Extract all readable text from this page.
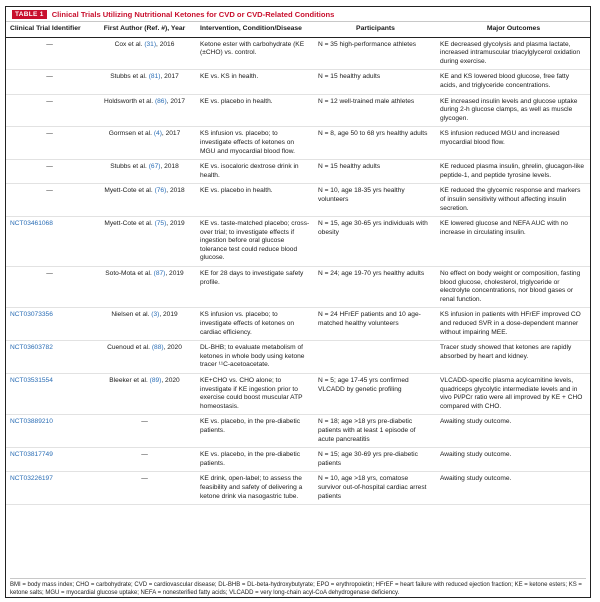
TABLE 1	Clinical Trials Utilizing Nutritional Ketones for CVD or CVD-Related Conditions
Clinical Trial Identifier	First Author (Ref. #), Year	Intervention, Condition/Disease	Participants	Major Outcomes
—	Cox et al. (31), 2016	Ketone ester with carbohydrate (KE (±CHO) vs. control.	N = 35 high-performance athletes	KE decreased glycolysis and plasma lactate, increased intramuscular triacylglycerol oxidation during exercise.
—	Stubbs et al. (81), 2017	KE vs. KS in health.	N = 15 healthy adults	KE and KS lowered blood glucose, free fatty acids, and triglyceride concentrations.
—	Holdsworth et al. (86), 2017	KE vs. placebo in health.	N = 12 well-trained male athletes	KE increased insulin levels and glucose uptake during 2-h glucose clamps, as well as muscle glycogen.
—	Gormsen et al. (4), 2017	KS infusion vs. placebo; to investigate effects of ketones on MGU and myocardial blood flow.	N = 8, age 50 to 68 yrs healthy adults	KS infusion reduced MGU and increased myocardial blood flow.
—	Stubbs et al. (67), 2018	KE vs. isocaloric dextrose drink in health.	N = 15 healthy adults	KE reduced plasma insulin, ghrelin, glucagon-like peptide-1, and peptide tyrosine levels.
—	Myett-Cote et al. (76), 2018	KE vs. placebo in health.	N = 10, age 18-35 yrs healthy volunteers	KE reduced the glycemic response and markers of insulin sensitivity without affecting insulin secretion.
NCT03461068	Myett-Cote et al. (75), 2019	KE vs. taste-matched placebo; cross-over trial; to investigate effects if ingestion before oral glucose tolerance test could reduce blood glucose.	N = 15, age 30-65 yrs individuals with obesity	KE lowered glucose and NEFA AUC with no increase in circulating insulin.
—	Soto-Mota et al. (87), 2019	KE for 28 days to investigate safety profile.	N = 24; age 19-70 yrs healthy adults	No effect on body weight or composition, fasting blood glucose, cholesterol, triglyceride or electrolyte concentrations, nor blood gases or renal function.
NCT03073356	Nielsen et al. (3), 2019	KS infusion vs. placebo; to investigate effects of ketones on cardiac efficiency.	N = 24 HFrEF patients and 10 age-matched healthy volunteers	KS infusion in patients with HFrEF improved CO and reduced SVR in a dose-dependent manner without impairing MEE.
NCT03603782	Cuenoud et al. (88), 2020	DL-BHB; to evaluate metabolism of ketones in whole body using ketone tracer ¹¹C-acetoacetate.		Tracer study showed that ketones are rapidly absorbed by heart and kidney.
NCT03531554	Bleeker et al. (89), 2020	KE+CHO vs. CHO alone; to investigate if KE ingestion prior to exercise could boost muscular ATP homeostasis.	N = 5; age 17-45 yrs confirmed VLCADD by genetic profiling	VLCADD-specific plasma acylcarnitine levels, quadriceps glycolytic intermediate levels and in vivo Pi/PCr ratio were all improved by KE + CHO compared with CHO.
NCT03889210	—	KE vs. placebo, in the pre-diabetic patients.	N = 18; age >18 yrs pre-diabetic patients with at least 1 episode of acute pancreatitis	Awaiting study outcome.
NCT03817749	—	KE vs. placebo, in the pre-diabetic patients.	N = 15; age 30-69 yrs pre-diabetic patients	Awaiting study outcome.
NCT03226197	—	KE drink, open-label; to assess the feasibility and safety of delivering a ketone drink via nasogastric tube.	N = 10, age >18 yrs, comatose survivor out-of-hospital cardiac arrest patients	Awaiting study outcome.
BMI = body mass index; CHO = carbohydrate; CVD = cardiovascular disease; DL-BHB = DL-beta-hydroxybutyrate; EPO = erythropoietin; HFrEF = heart failure with reduced ejection fraction; KE = ketone esters; KS = ketone salts; MGU = myocardial glucose uptake; NEFA = nonesterified fatty acids; VLCADD = very long-chain acyl-CoA dehydrogenase deficiency.
